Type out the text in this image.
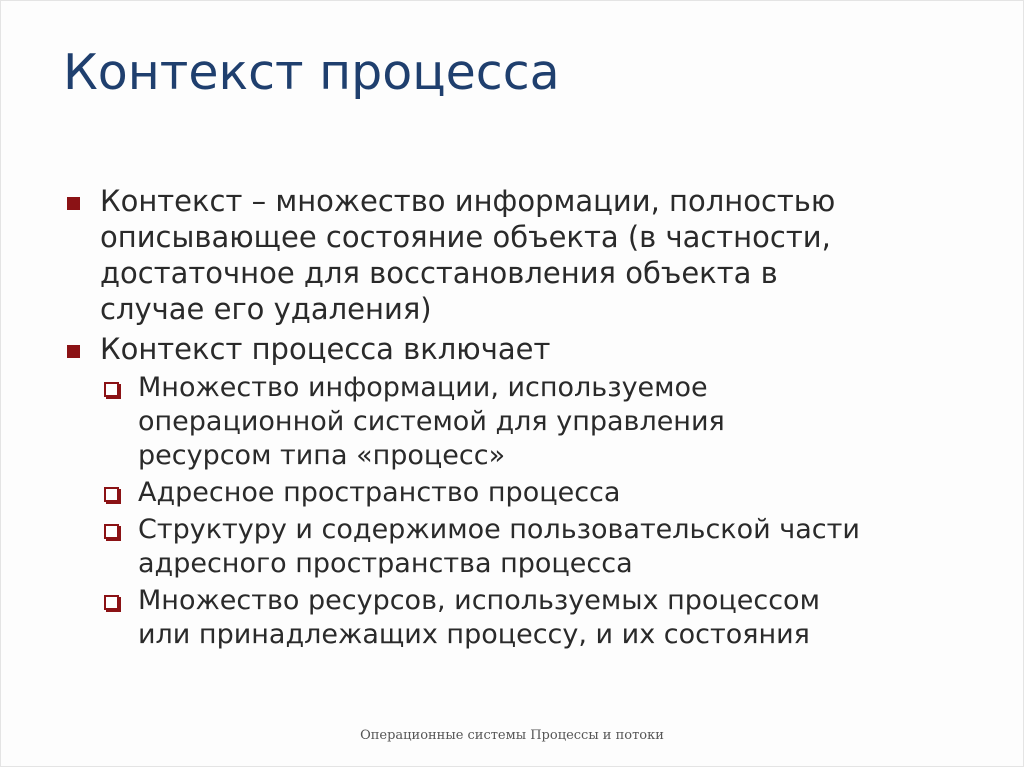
Контекст процесса
Контекст – множество информации, полностью
описывающее состояние объекта (в частности,
достаточное для восстановления объекта в
случае его удаления)
Контекст процесса включает
Множество информации, используемое
операционной системой для управления
ресурсом типа «процесс»
Адресное пространство процесса
Структуру и содержимое пользовательской части
адресного пространства процесса
Множество ресурсов, используемых процессом
или принадлежащих процессу, и их состояния
Операционные системы Процессы и потоки
